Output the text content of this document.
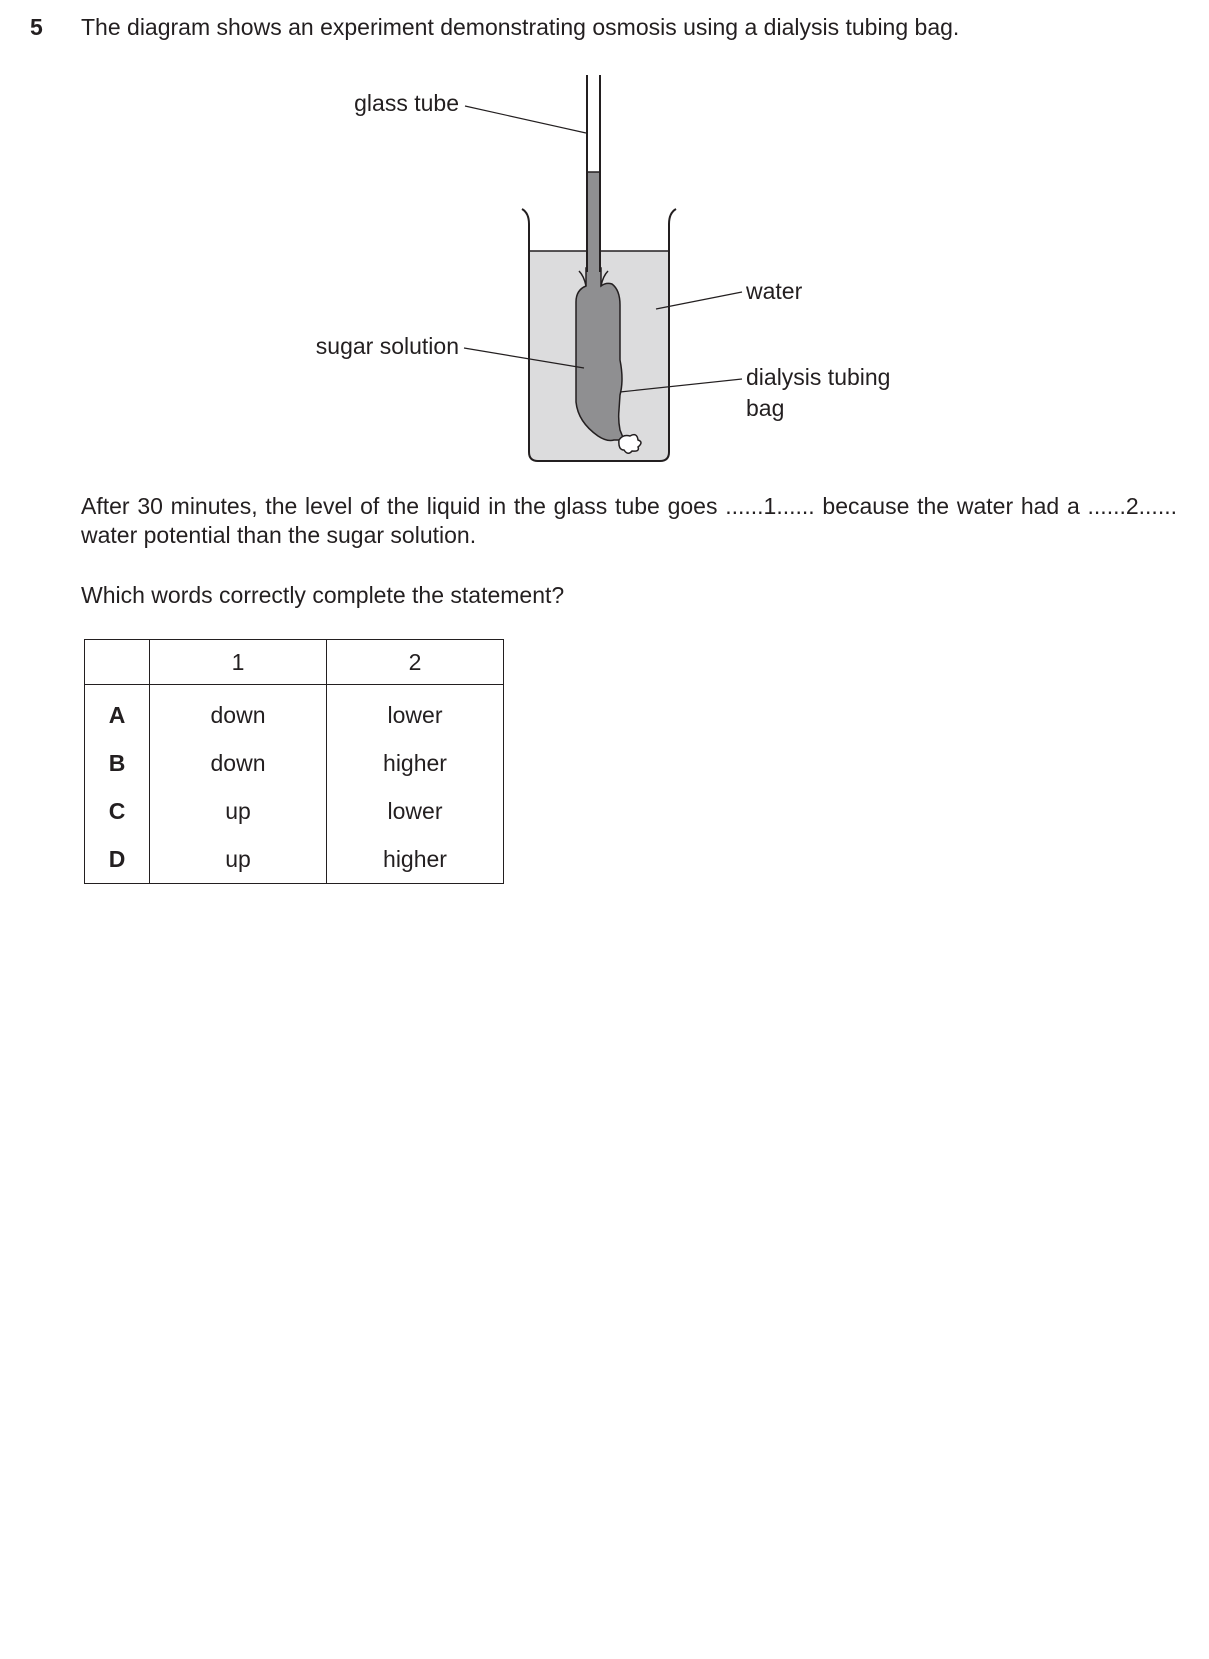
5 The diagram shows an experiment demonstrating osmosis using a dialysis tubing bag.
glass tube
water
sugar solution
dialysis tubing
bag
After 30 minutes, the level of the liquid in the glass tube goes ......1...... because the water had a ......2...... water potential than the sugar solution.
Which words correctly complete the statement?
	1	2
A	down	lower
B	down	higher
C	up	lower
D	up	higher
